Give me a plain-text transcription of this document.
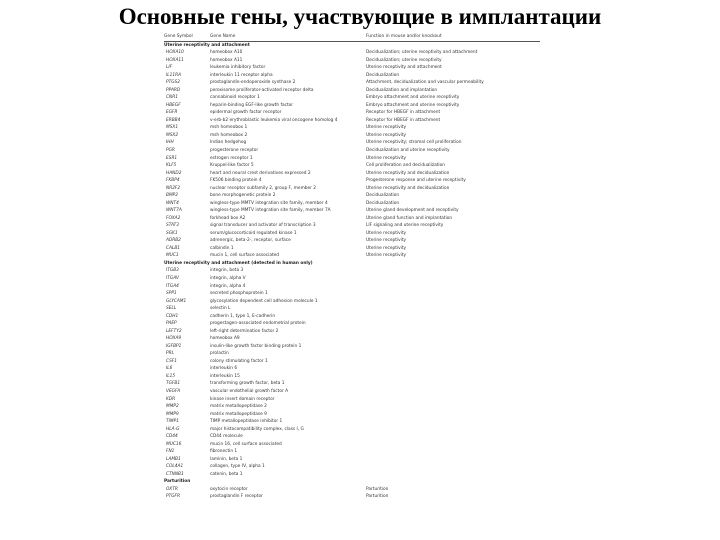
Основные гены, участвующие в имплантации
Gene Symbol	Gene Name	Function in mouse and/or knockout
Uterine receptivity and attachment		
HOXA10	homeobox A10	Decidualization; uterine receptivity and attachment
HOXA11	homeobox A11	Decidualization; uterine receptivity
LIF	leukemia inhibitory factor	Uterine receptivity and attachment
IL11RA	interleukin 11 receptor alpha	Decidualization
PTGS2	prostaglandin-endoperoxide synthase 2	Attachment, decidualization and vascular permeability
PPARD	peroxisome proliferator-activated receptor delta	Decidualization and implantation
CNR1	cannabinoid receptor 1	Embryo attachment and uterine receptivity
HBEGF	heparin-binding EGF-like growth factor	Embryo attachment and uterine receptivity
EGFR	epidermal growth factor receptor	Receptor for HBEGF in attachment
ERBB4	v-erb-b2 erythroblastic leukemia viral oncogene homolog 4	Receptor for HBEGF in attachment
MSX1	msh homeobox 1	Uterine receptivity
MSX2	msh homeobox 2	Uterine receptivity
IHH	Indian hedgehog	Uterine receptivity; stromal cell proliferation
PGR	progesterone receptor	Decidualization and uterine receptivity
ESR1	estrogen receptor 1	Uterine receptivity
KLF5	Kruppel-like factor 5	Cell proliferation and decidualization
HAND2	heart and neural crest derivatives expressed 2	Uterine receptivity and decidualization
FKBP4	FK506 binding protein 4	Progesterone response and uterine receptivity
NR2F2	nuclear receptor subfamily 2, group F, member 2	Uterine receptivity and decidualization
BMP2	bone morphogenetic protein 2	Decidualization
WNT4	wingless-type MMTV integration site family, member 4	Decidualization
WNT7A	wingless-type MMTV integration site family, member 7A	Uterine gland development and receptivity
FOXA2	forkhead box A2	Uterine gland function and implantation
STAT3	signal transducer and activator of transcription 3	LIF signaling and uterine receptivity
SGK1	serum/glucocorticoid regulated kinase 1	Uterine receptivity
ADRB2	adrenergic, beta-2-, receptor, surface	Uterine receptivity
CALB1	calbindin 1	Uterine receptivity
MUC1	mucin 1, cell surface associated	Uterine receptivity
Uterine receptivity and attachment (detected in human only)		
ITGB3	integrin, beta 3	
ITGAV	integrin, alpha V	
ITGA4	integrin, alpha 4	
SPP1	secreted phosphoprotein 1	
GLYCAM1	glycosylation dependent cell adhesion molecule 1	
SELL	selectin L	
CDH1	cadherin 1, type 1, E-cadherin	
PAEP	progestagen-associated endometrial protein	
LEFTY2	left-right determination factor 2	
HOXA9	homeobox A9	
IGFBP1	insulin-like growth factor binding protein 1	
PRL	prolactin	
CSF1	colony stimulating factor 1	
IL6	interleukin 6	
IL15	interleukin 15	
TGFB1	transforming growth factor, beta 1	
VEGFA	vascular endothelial growth factor A	
KDR	kinase insert domain receptor	
MMP2	matrix metallopeptidase 2	
MMP9	matrix metallopeptidase 9	
TIMP1	TIMP metallopeptidase inhibitor 1	
HLA-G	major histocompatibility complex, class I, G	
CD44	CD44 molecule	
MUC16	mucin 16, cell surface associated	
FN1	fibronectin 1	
LAMB1	laminin, beta 1	
COL4A1	collagen, type IV, alpha 1	
CTNNB1	catenin, beta 1	
Parturition		
OXTR	oxytocin receptor	Parturition
PTGFR	prostaglandin F receptor	Parturition
